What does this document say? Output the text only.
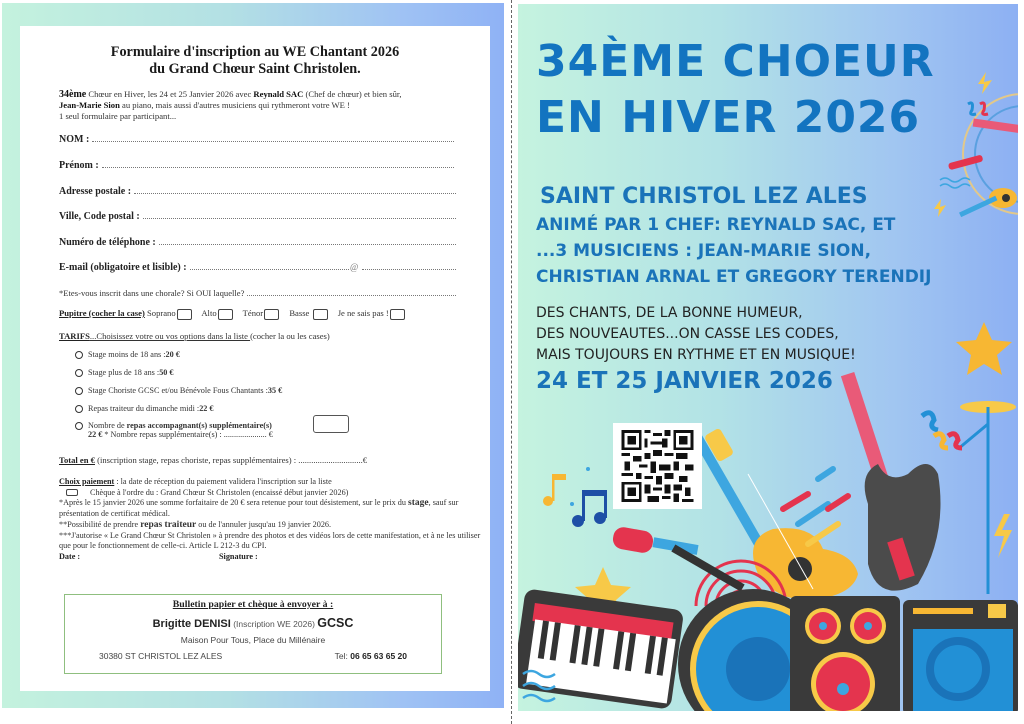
Formulaire d'inscription au WE Chantant 2026
du Grand Chœur Saint Christolen.
34ème Chœur en Hiver, les 24 et 25 Janvier 2026 avec Reynald SAC (Chef de chœur) et bien sûr,
Jean-Marie Sion au piano, mais aussi d'autres musiciens qui rythmeront votre WE !
1 seul formulaire par participant...
NOM :
Prénom :
Adresse postale :
Ville, Code postal :
Numéro de téléphone :
E-mail (obligatoire et lisible) :	@
*Etes-vous inscrit dans une chorale? Si OUI laquelle?
Pupitre (cocher la case) Soprano	Alto	Ténor	Basse	Je ne sais pas !
TARIFS...Choisissez votre ou vos options dans la liste (cocher la ou les cases)
Stage moins de 18 ans : 20 €
Stage plus de 18 ans : 50 €
Stage Choriste GCSC et/ou Bénévole Fous Chantants : 35 €
Repas traiteur du dimanche midi : 22 €
Nombre de repas accompagnant(s) supplémentaire(s)
22 € * Nombre repas supplémentaire(s) : ..................... €
Total en € (inscription stage, repas choriste, repas supplémentaires) : ..............................€
Choix paiement : la date de réception du paiement validera l'inscription sur la liste
Chèque à l'ordre du : Grand Chœur St Christolen (encaissé début janvier 2026)
*Après le 15 janvier 2026 une somme forfaitaire de 20 € sera retenue pour tout désistement, sur le prix du stage, sauf sur présentation de certificat médical.
**Possibilité de prendre repas traiteur ou de l'annuler jusqu'au 19 janvier 2026.
***J'autorise « Le Grand Chœur St Christolen » à prendre des photos et des vidéos lors de cette manifestation, et à ne les utiliser que pour le fonctionnement de celle-ci. Article L 212-3 du CPI.
Date :	Signature :
Bulletin papier et chèque à envoyer à :
Brigitte DENISI (Inscription WE 2026) GCSC
Maison Pour Tous, Place du Millénaire
30380 ST CHRISTOL LEZ ALES	Tel: 06 65 63 65 20
34ÈME CHOEUR
EN HIVER 2026
SAINT CHRISTOL LEZ ALES
ANIMÉ PAR 1 CHEF: REYNALD SAC, ET
...3 MUSICIENS : JEAN-MARIE SION,
CHRISTIAN ARNAL ET GREGORY TERENDIJ
DES CHANTS, DE LA BONNE HUMEUR,
DES NOUVEAUTES...ON CASSE LES CODES,
MAIS TOUJOURS EN RYTHME ET EN MUSIQUE!
24 ET 25 JANVIER 2026
